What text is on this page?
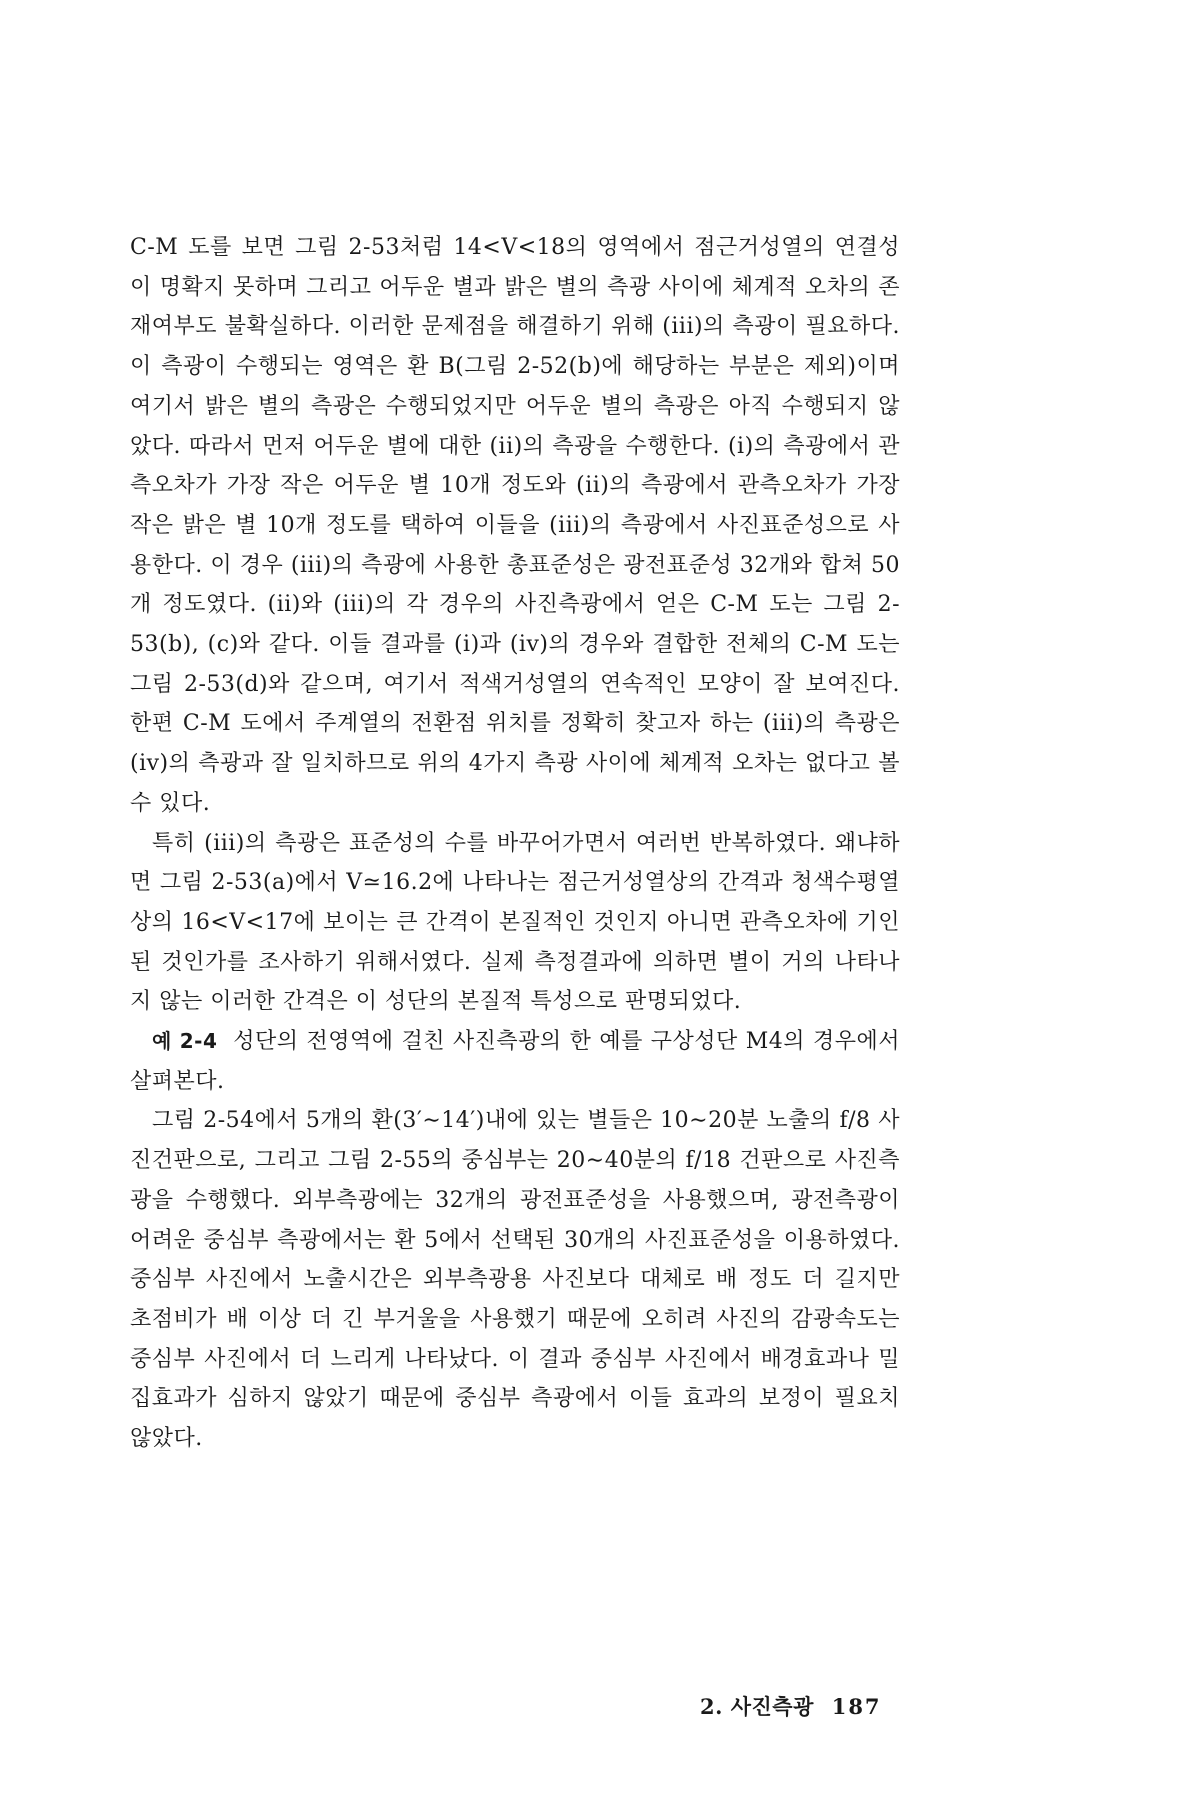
C-M 도를 보면 그림 2-53처럼 14<V<18의 영역에서 점근거성열의 연결성이 명확지 못하며 그리고 어두운 별과 밝은 별의 측광 사이에 체계적 오차의 존재여부도 불확실하다. 이러한 문제점을 해결하기 위해 (iii)의 측광이 필요하다. 이 측광이 수행되는 영역은 환 B(그림 2-52(b)에 해당하는 부분은 제외)이며 여기서 밝은 별의 측광은 수행되었지만 어두운 별의 측광은 아직 수행되지 않았다. 따라서 먼저 어두운 별에 대한 (ii)의 측광을 수행한다. (i)의 측광에서 관측오차가 가장 작은 어두운 별 10개 정도와 (ii)의 측광에서 관측오차가 가장 작은 밝은 별 10개 정도를 택하여 이들을 (iii)의 측광에서 사진표준성으로 사용한다. 이 경우 (iii)의 측광에 사용한 총표준성은 광전표준성 32개와 합쳐 50개 정도였다. (ii)와 (iii)의 각 경우의 사진측광에서 얻은 C-M 도는 그림 2-53(b), (c)와 같다. 이들 결과를 (i)과 (iv)의 경우와 결합한 전체의 C-M 도는 그림 2-53(d)와 같으며, 여기서 적색거성열의 연속적인 모양이 잘 보여진다. 한편 C-M 도에서 주계열의 전환점 위치를 정확히 찾고자 하는 (iii)의 측광은 (iv)의 측광과 잘 일치하므로 위의 4가지 측광 사이에 체계적 오차는 없다고 볼 수 있다.

특히 (iii)의 측광은 표준성의 수를 바꾸어가면서 여러번 반복하였다. 왜냐하면 그림 2-53(a)에서 V≃16.2에 나타나는 점근거성열상의 간격과 청색수평열상의 16<V<17에 보이는 큰 간격이 본질적인 것인지 아니면 관측오차에 기인된 것인가를 조사하기 위해서였다. 실제 측정결과에 의하면 별이 거의 나타나지 않는 이러한 간격은 이 성단의 본질적 특성으로 판명되었다.

예 2-4 성단의 전영역에 걸친 사진측광의 한 예를 구상성단 M4의 경우에서 살펴본다.

그림 2-54에서 5개의 환(3′∼14′)내에 있는 별들은 10∼20분 노출의 f/8 사진건판으로, 그리고 그림 2-55의 중심부는 20∼40분의 f/18 건판으로 사진측광을 수행했다. 외부측광에는 32개의 광전표준성을 사용했으며, 광전측광이 어려운 중심부 측광에서는 환 5에서 선택된 30개의 사진표준성을 이용하였다. 중심부 사진에서 노출시간은 외부측광용 사진보다 대체로 배 정도 더 길지만 초점비가 배 이상 더 긴 부거울을 사용했기 때문에 오히려 사진의 감광속도는 중심부 사진에서 더 느리게 나타났다. 이 결과 중심부 사진에서 배경효과나 밀집효과가 심하지 않았기 때문에 중심부 측광에서 이들 효과의 보정이 필요치 않았다.

2. 사진측광 187
